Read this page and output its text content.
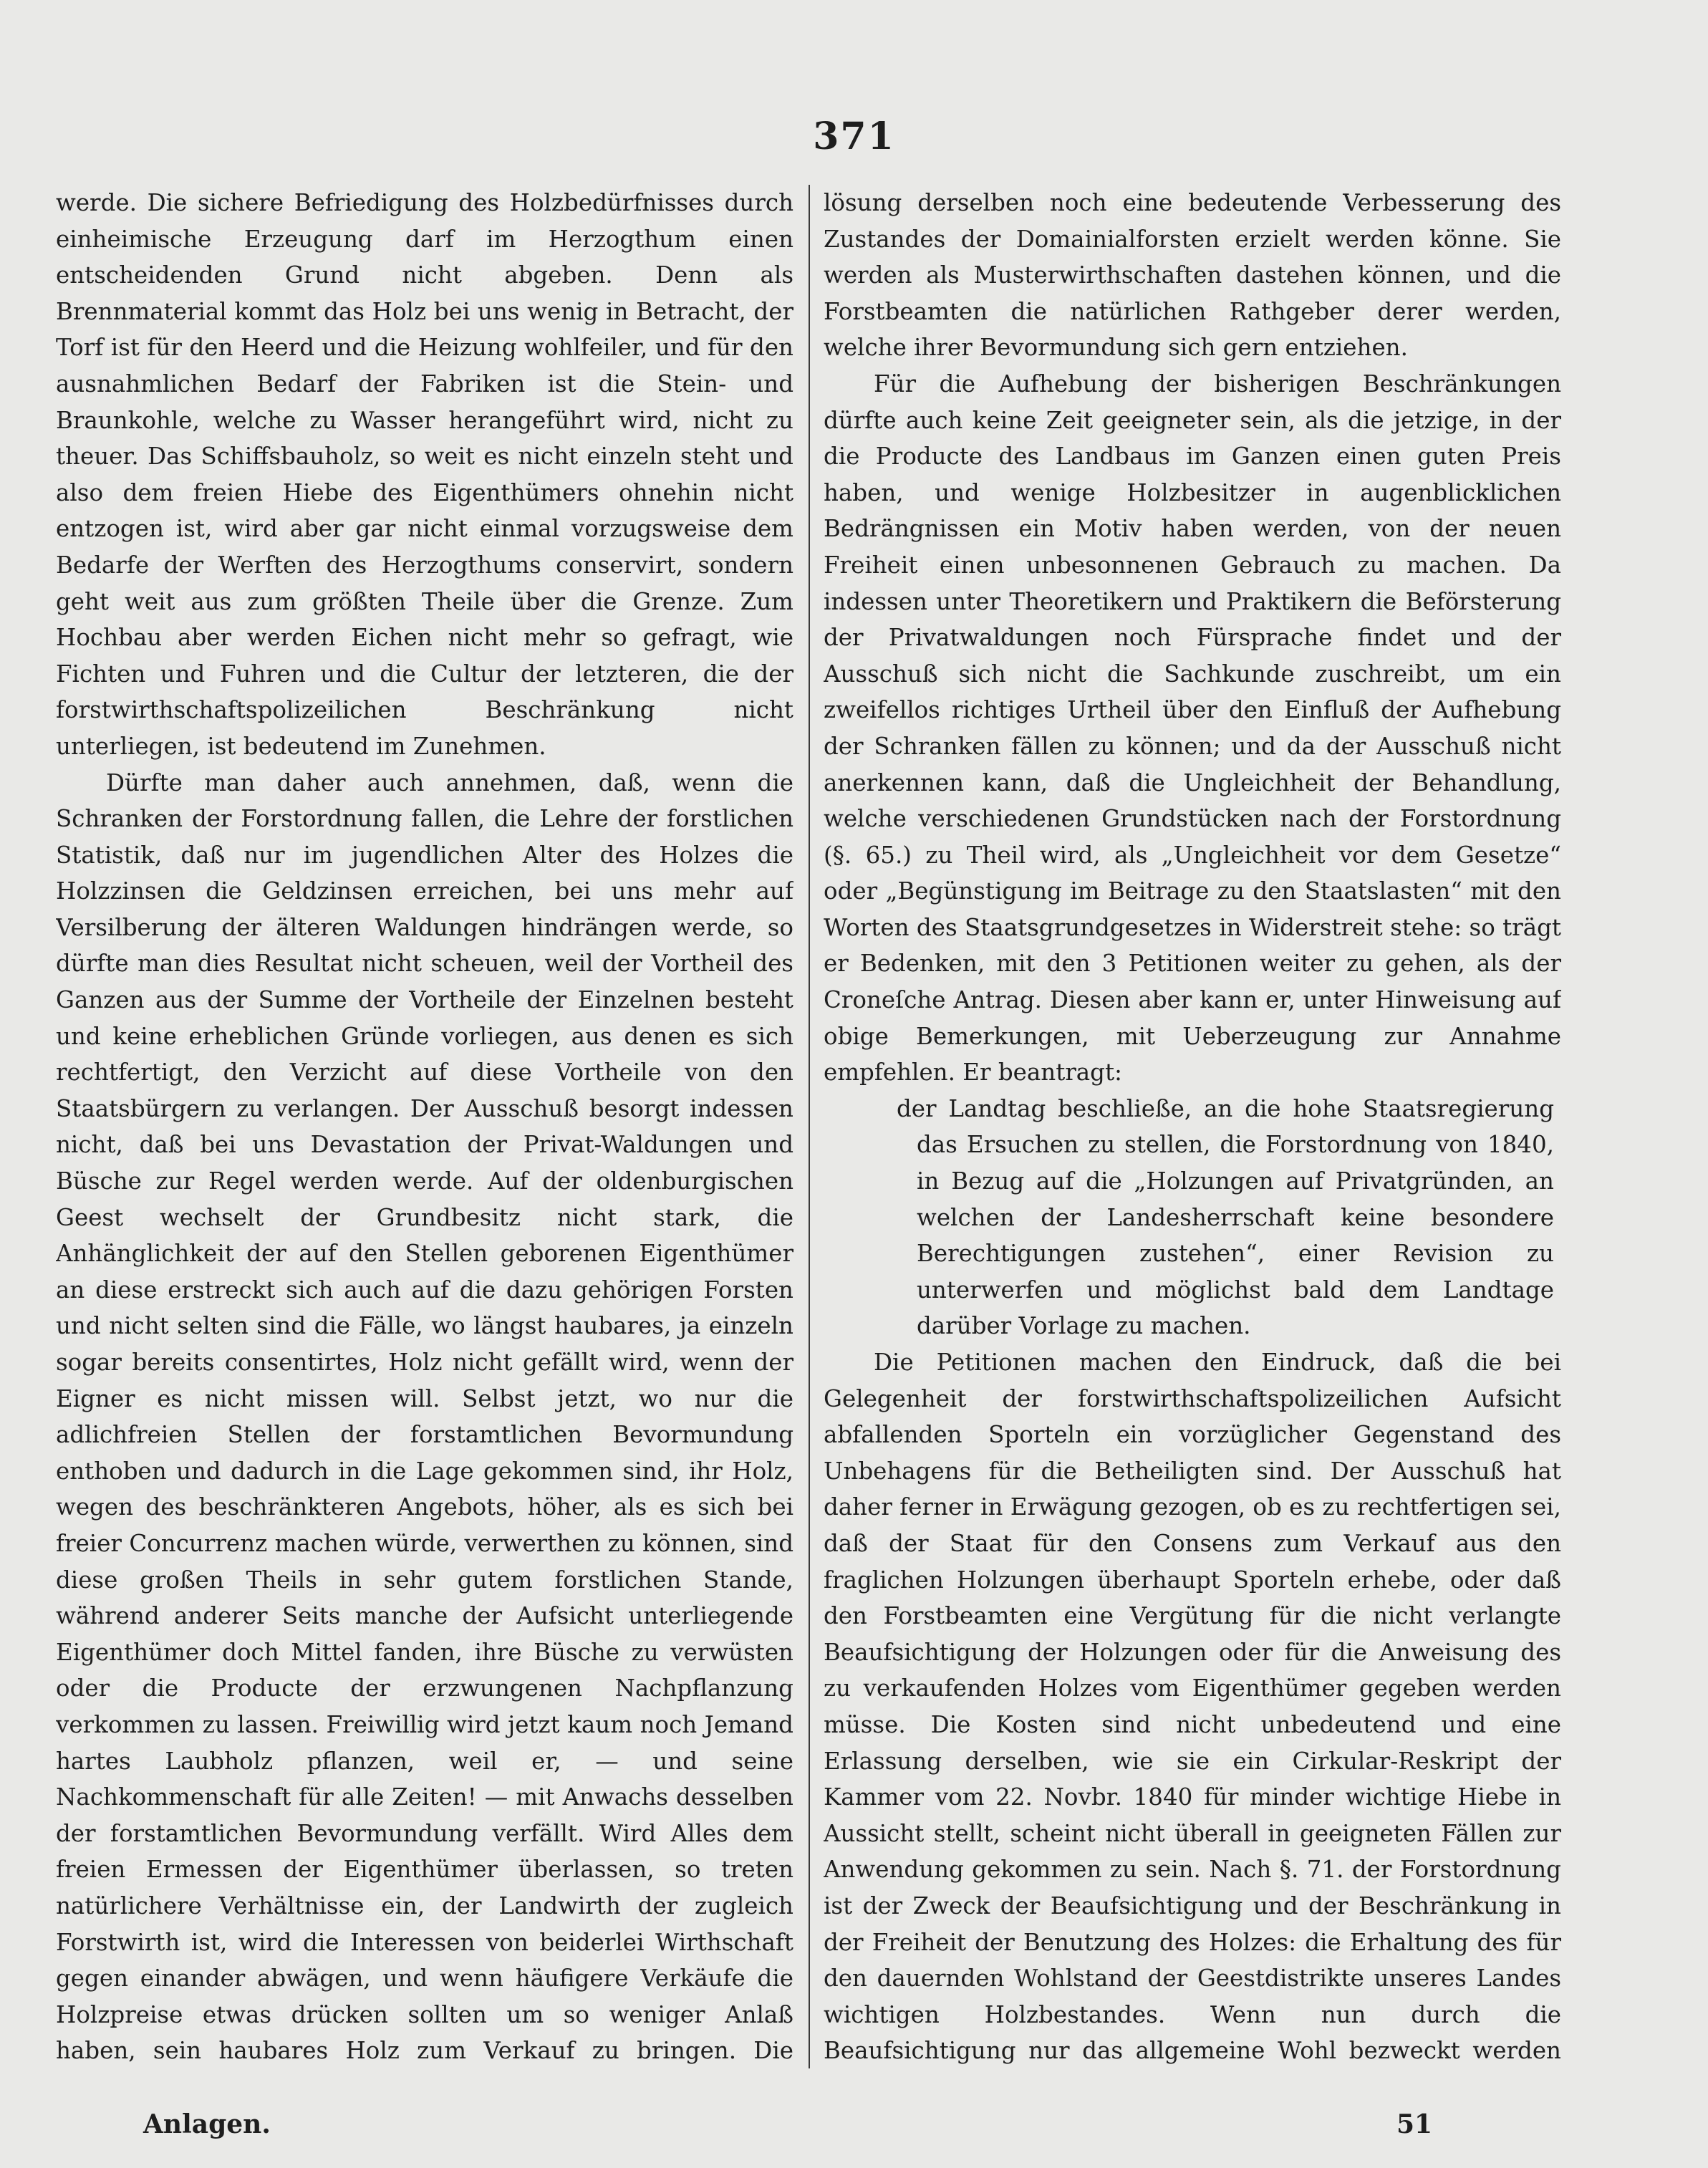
371

werde. Die sichere Befriedigung des Holzbedürfnisses durch einheimische Erzeugung darf im Herzogthum einen entscheidenden Grund nicht abgeben. Denn als Brennmaterial kommt das Holz bei uns wenig in Betracht, der Torf ist für den Heerd und die Heizung wohlfeiler, und für den ausnahmlichen Bedarf der Fabriken ist die Stein- und Braunkohle, welche zu Wasser herangeführt wird, nicht zu theuer. Das Schiffsbauholz, so weit es nicht einzeln steht und also dem freien Hiebe des Eigenthümers ohnehin nicht entzogen ist, wird aber gar nicht einmal vorzugsweise dem Bedarfe der Werften des Herzogthums conservirt, sondern geht weit aus zum größten Theile über die Grenze. Zum Hochbau aber werden Eichen nicht mehr so gefragt, wie Fichten und Fuhren und die Cultur der letzteren, die der forstwirthschaftspolizeilichen Beschränkung nicht unterliegen, ist bedeutend im Zunehmen.

Dürfte man daher auch annehmen, daß, wenn die Schranken der Forstordnung fallen, die Lehre der forstlichen Statistik, daß nur im jugendlichen Alter des Holzes die Holzzinsen die Geldzinsen erreichen, bei uns mehr auf Versilberung der älteren Waldungen hindrängen werde, so dürfte man dies Resultat nicht scheuen, weil der Vortheil des Ganzen aus der Summe der Vortheile der Einzelnen besteht und keine erheblichen Gründe vorliegen, aus denen es sich rechtfertigt, den Verzicht auf diese Vortheile von den Staatsbürgern zu verlangen. Der Ausschuß besorgt indessen nicht, daß bei uns Devastation der Privat-Waldungen und Büsche zur Regel werden werde. Auf der oldenburgischen Geest wechselt der Grundbesitz nicht stark, die Anhänglichkeit der auf den Stellen geborenen Eigenthümer an diese erstreckt sich auch auf die dazu gehörigen Forsten und nicht selten sind die Fälle, wo längst haubares, ja einzeln sogar bereits consentirtes, Holz nicht gefällt wird, wenn der Eigner es nicht missen will. Selbst jetzt, wo nur die adlichfreien Stellen der forstamtlichen Bevormundung enthoben und dadurch in die Lage gekommen sind, ihr Holz, wegen des beschränkteren Angebots, höher, als es sich bei freier Concurrenz machen würde, verwerthen zu können, sind diese großen Theils in sehr gutem forstlichen Stande, während anderer Seits manche der Aufsicht unterliegende Eigenthümer doch Mittel fanden, ihre Büsche zu verwüsten oder die Producte der erzwungenen Nachpflanzung verkommen zu lassen. Freiwillig wird jetzt kaum noch Jemand hartes Laubholz pflanzen, weil er, — und seine Nachkommenschaft für alle Zeiten! — mit Anwachs desselben der forstamtlichen Bevormundung verfällt. Wird Alles dem freien Ermessen der Eigenthümer überlassen, so treten natürlichere Verhältnisse ein, der Landwirth der zugleich Forstwirth ist, wird die Interessen von beiderlei Wirthschaft gegen einander abwägen, und wenn häufigere Verkäufe die Holzpreise etwas drücken sollten um so weniger Anlaß haben, sein haubares Holz zum Verkauf zu bringen. Die

lösung derselben noch eine bedeutende Verbesserung des Zustandes der Domainialforsten erzielt werden könne. Sie werden als Musterwirthschaften dastehen können, und die Forstbeamten die natürlichen Rathgeber derer werden, welche ihrer Bevormundung sich gern entziehen.

Für die Aufhebung der bisherigen Beschränkungen dürfte auch keine Zeit geeigneter sein, als die jetzige, in der die Producte des Landbaus im Ganzen einen guten Preis haben, und wenige Holzbesitzer in augenblicklichen Bedrängnissen ein Motiv haben werden, von der neuen Freiheit einen unbesonnenen Gebrauch zu machen. Da indessen unter Theoretikern und Praktikern die Beförsterung der Privatwaldungen noch Fürsprache findet und der Ausschuß sich nicht die Sachkunde zuschreibt, um ein zweifellos richtiges Urtheil über den Einfluß der Aufhebung der Schranken fällen zu können; und da der Ausschuß nicht anerkennen kann, daß die Ungleichheit der Behandlung, welche verschiedenen Grundstücken nach der Forstordnung (§. 65.) zu Theil wird, als „Ungleichheit vor dem Gesetze“ oder „Begünstigung im Beitrage zu den Staatslasten“ mit den Worten des Staatsgrundgesetzes in Widerstreit stehe: so trägt er Bedenken, mit den 3 Petitionen weiter zu gehen, als der Croneſche Antrag. Diesen aber kann er, unter Hinweisung auf obige Bemerkungen, mit Ueberzeugung zur Annahme empfehlen. Er beantragt:

der Landtag beschließe, an die hohe Staatsregierung das Ersuchen zu stellen, die Forstordnung von 1840, in Bezug auf die „Holzungen auf Privatgründen, an welchen der Landesherrschaft keine besondere Berechtigungen zustehen“, einer Revision zu unterwerfen und möglichst bald dem Landtage darüber Vorlage zu machen.

Die Petitionen machen den Eindruck, daß die bei Gelegenheit der forstwirthschaftspolizeilichen Aufsicht abfallenden Sporteln ein vorzüglicher Gegenstand des Unbehagens für die Betheiligten sind. Der Ausschuß hat daher ferner in Erwägung gezogen, ob es zu rechtfertigen sei, daß der Staat für den Consens zum Verkauf aus den fraglichen Holzungen überhaupt Sporteln erhebe, oder daß den Forstbeamten eine Vergütung für die nicht verlangte Beaufsichtigung der Holzungen oder für die Anweisung des zu verkaufenden Holzes vom Eigenthümer gegeben werden müsse. Die Kosten sind nicht unbedeutend und eine Erlassung derselben, wie sie ein Cirkular-Reskript der Kammer vom 22. Novbr. 1840 für minder wichtige Hiebe in Aussicht stellt, scheint nicht überall in geeigneten Fällen zur Anwendung gekommen zu sein. Nach §. 71. der Forstordnung ist der Zweck der Beaufsichtigung und der Beschränkung in der Freiheit der Benutzung des Holzes: die Erhaltung des für den dauernden Wohlstand der Geestdistrikte unseres Landes wichtigen Holzbestandes. Wenn nun durch die Beaufsichtigung nur das allgemeine Wohl bezweckt werden

Anlagen.	51
